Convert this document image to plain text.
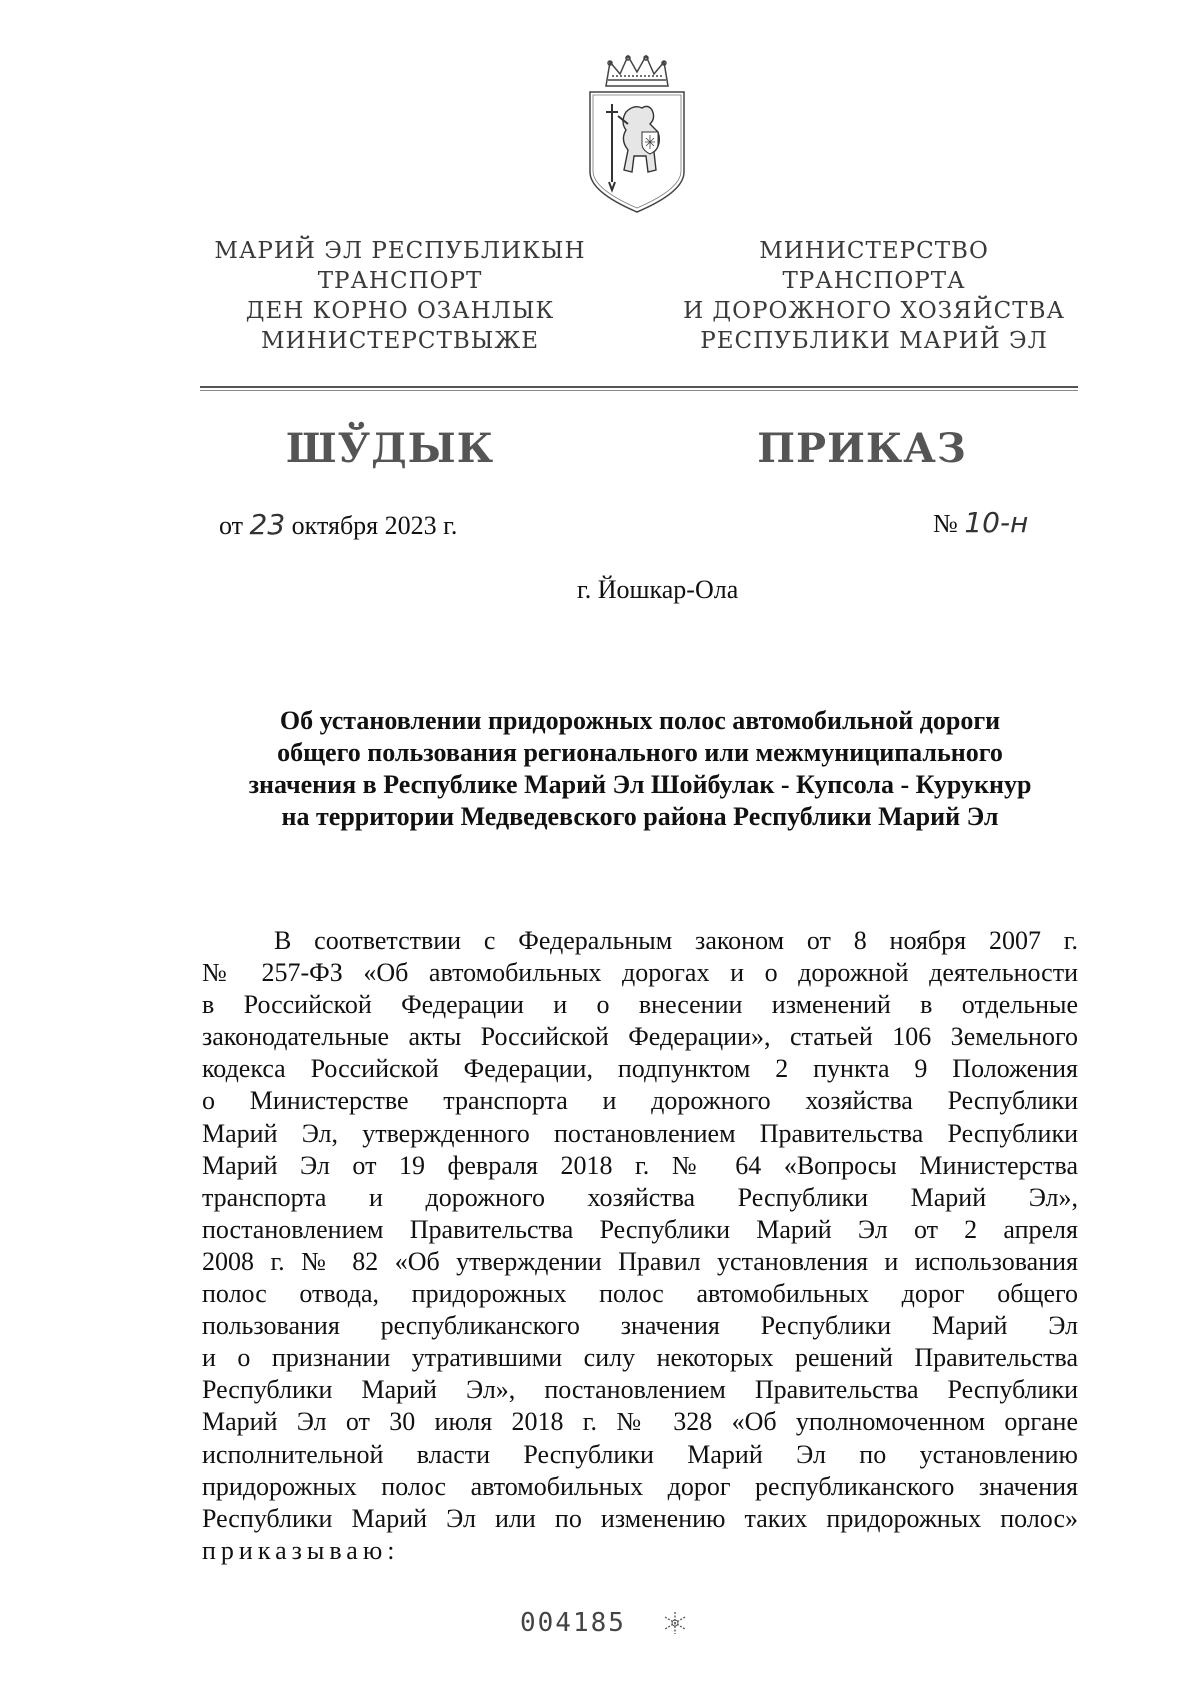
МАРИЙ ЭЛ РЕСПУБЛИКЫН
ТРАНСПОРТ
ДЕН КОРНО ОЗАНЛЫК
МИНИСТЕРСТВЫЖЕ
МИНИСТЕРСТВО
ТРАНСПОРТА
И ДОРОЖНОГО ХОЗЯЙСТВА
РЕСПУБЛИКИ МАРИЙ ЭЛ
ШЎДЫК	ПРИКАЗ
от 23 октября 2023 г.	№ 10-н
г. Йошкар-Ола
Об установлении придорожных полос автомобильной дороги
общего пользования регионального или межмуниципального
значения в Республике Марий Эл Шойбулак - Купсола - Курукнур
на территории Медведевского района Республики Марий Эл
В соответствии с Федеральным законом от 8 ноября 2007 г.
№ 257-ФЗ «Об автомобильных дорогах и о дорожной деятельности
в Российской Федерации и о внесении изменений в отдельные
законодательные акты Российской Федерации», статьей 106 Земельного
кодекса Российской Федерации, подпунктом 2 пункта 9 Положения
о Министерстве транспорта и дорожного хозяйства Республики
Марий Эл, утвержденного постановлением Правительства Республики
Марий Эл от 19 февраля 2018 г. № 64 «Вопросы Министерства
транспорта и дорожного хозяйства Республики Марий Эл»,
постановлением Правительства Республики Марий Эл от 2 апреля
2008 г. № 82 «Об утверждении Правил установления и использования
полос отвода, придорожных полос автомобильных дорог общего
пользования республиканского значения Республики Марий Эл
и о признании утратившими силу некоторых решений Правительства
Республики Марий Эл», постановлением Правительства Республики
Марий Эл от 30 июля 2018 г. № 328 «Об уполномоченном органе
исполнительной власти Республики Марий Эл по установлению
придорожных полос автомобильных дорог республиканского значения
Республики Марий Эл или по изменению таких придорожных полос»
приказываю:
004185
